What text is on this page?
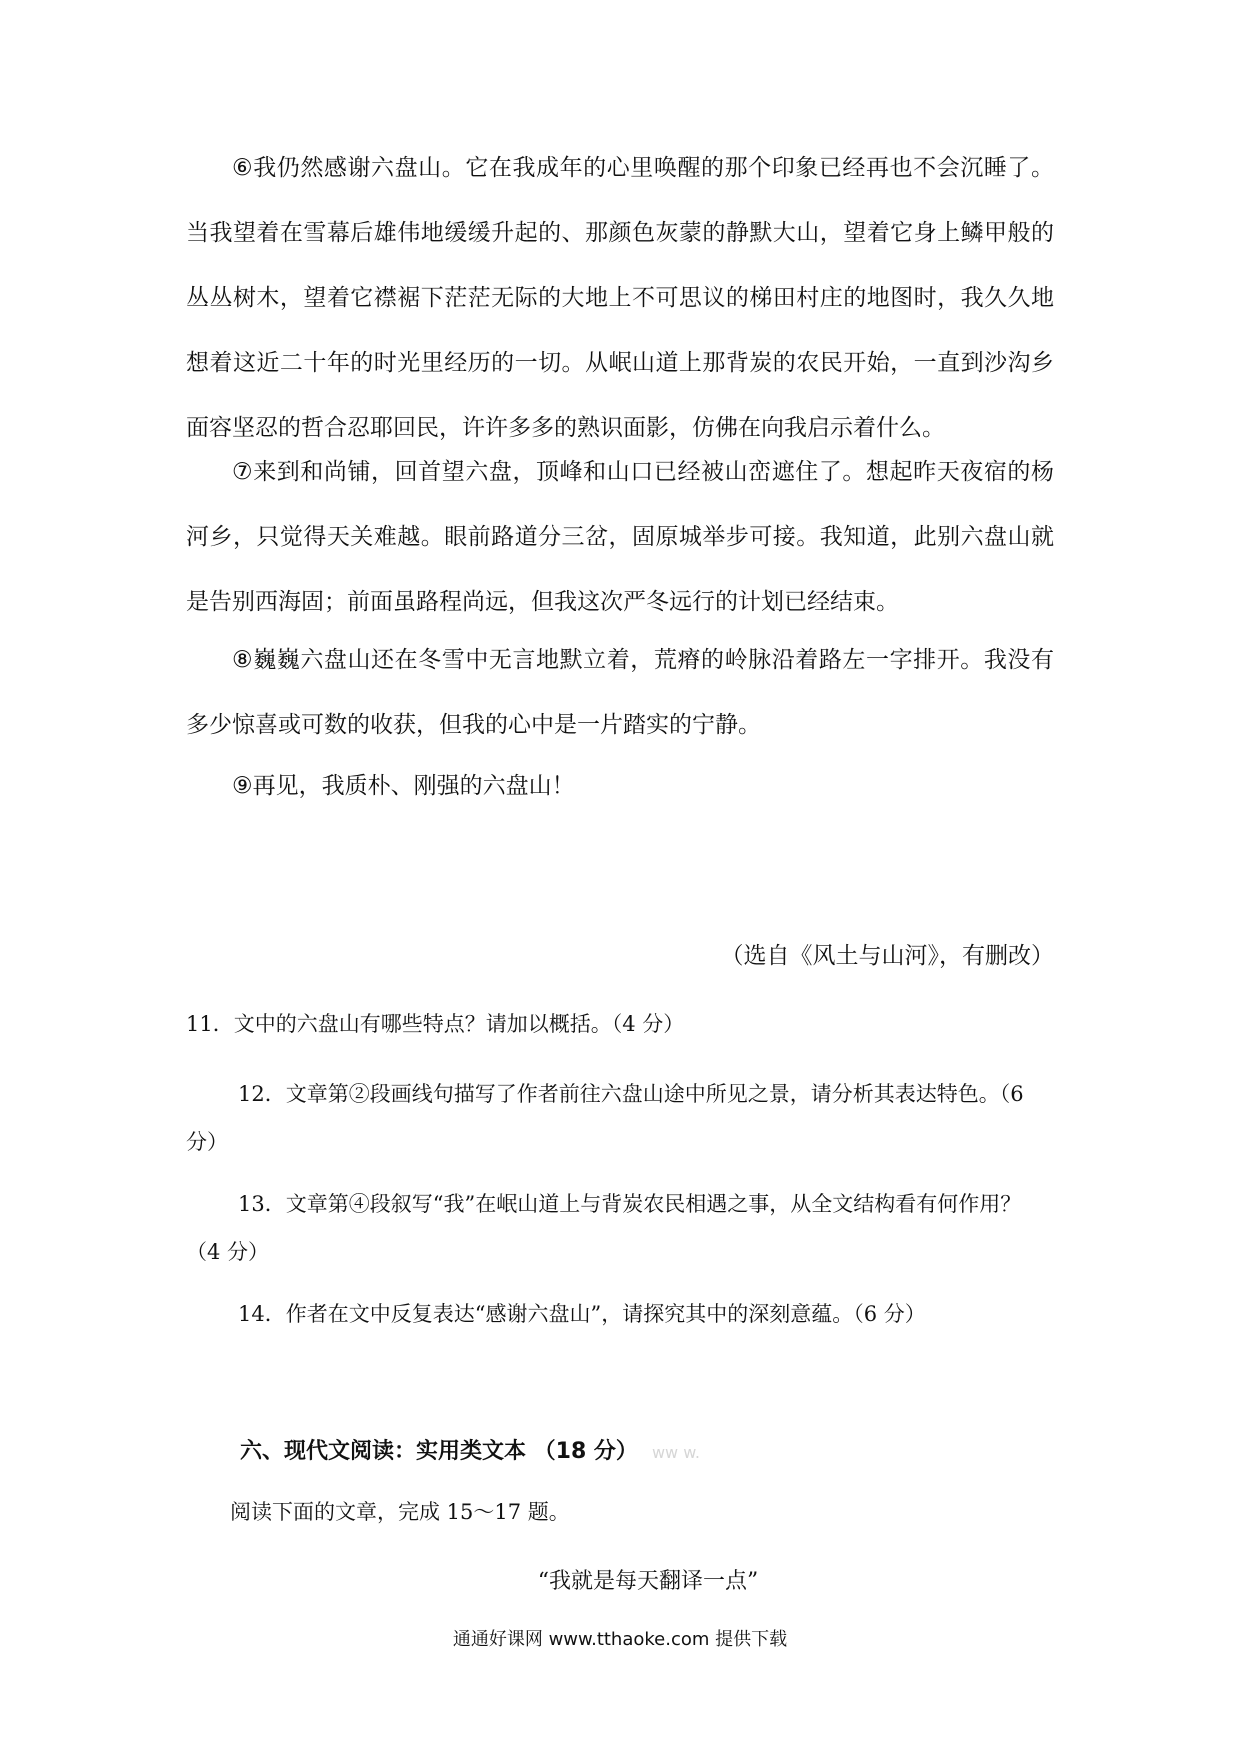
⑥我仍然感谢六盘山。它在我成年的心里唤醒的那个印象已经再也不会沉睡了。当我望着在雪幕后雄伟地缓缓升起的、那颜色灰蒙的静默大山，望着它身上鳞甲般的丛丛树木，望着它襟裾下茫茫无际的大地上不可思议的梯田村庄的地图时，我久久地想着这近二十年的时光里经历的一切。从岷山道上那背炭的农民开始，一直到沙沟乡面容坚忍的哲合忍耶回民，许许多多的熟识面影，仿佛在向我启示着什么。

⑦来到和尚铺，回首望六盘，顶峰和山口已经被山峦遮住了。想起昨天夜宿的杨河乡，只觉得天关难越。眼前路道分三岔，固原城举步可接。我知道，此别六盘山就是告别西海固；前面虽路程尚远，但我这次严冬远行的计划已经结束。

⑧巍巍六盘山还在冬雪中无言地默立着，荒瘠的岭脉沿着路左一字排开。我没有多少惊喜或可数的收获，但我的心中是一片踏实的宁静。

⑨再见，我质朴、刚强的六盘山！

（选自《风土与山河》，有删改）

11．文中的六盘山有哪些特点？请加以概括。（4 分）

12．文章第②段画线句描写了作者前往六盘山途中所见之景，请分析其表达特色。（6 分）

13．文章第④段叙写“我”在岷山道上与背炭农民相遇之事，从全文结构看有何作用？（4 分）

14．作者在文中反复表达“感谢六盘山”，请探究其中的深刻意蕴。（6 分）

六、现代文阅读：实用类文本 （18 分） ww w.
阅读下面的文章，完成 15～17 题。
“我就是每天翻译一点”
通通好课网 www.tthaoke.com 提供下载
